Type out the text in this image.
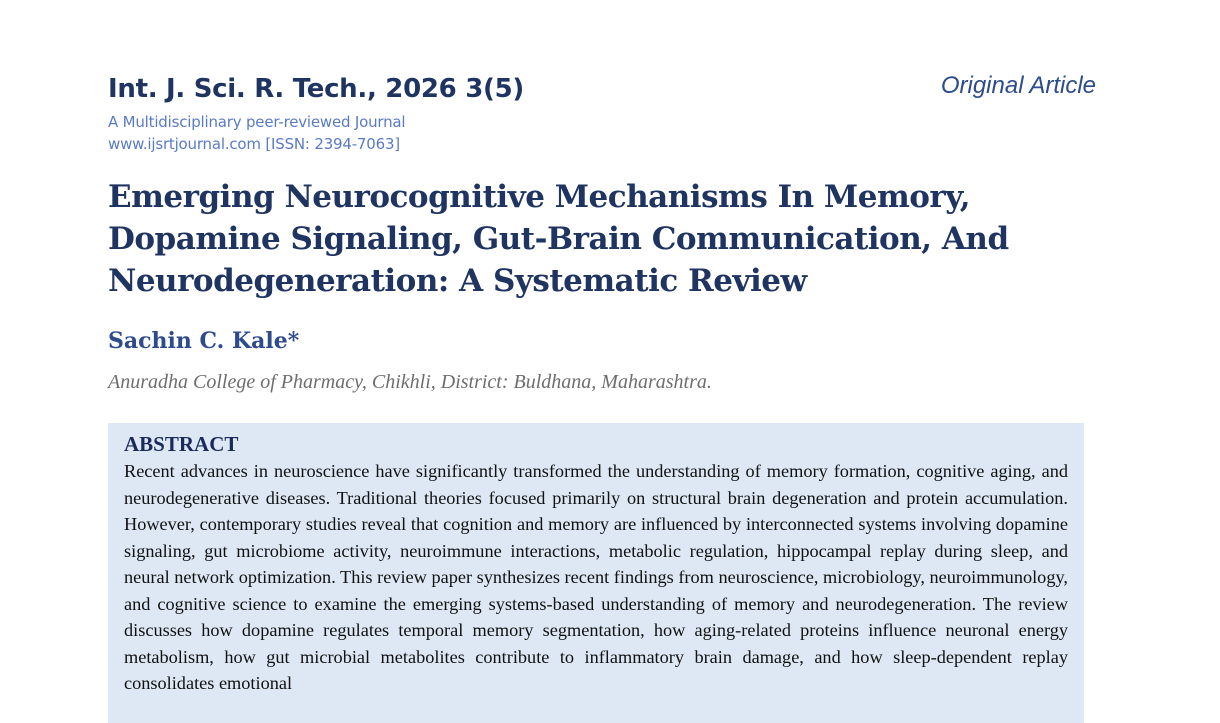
Int. J. Sci. R. Tech., 2026 3(5)	Original Article
A Multidisciplinary peer-reviewed Journal
www.ijsrtjournal.com [ISSN: 2394-7063]
Emerging Neurocognitive Mechanisms In Memory, Dopamine Signaling, Gut-Brain Communication, And Neurodegeneration: A Systematic Review
Sachin C. Kale*
Anuradha College of Pharmacy, Chikhli, District: Buldhana, Maharashtra.
ABSTRACT
Recent advances in neuroscience have significantly transformed the understanding of memory formation, cognitive aging, and neurodegenerative diseases. Traditional theories focused primarily on structural brain degeneration and protein accumulation. However, contemporary studies reveal that cognition and memory are influenced by interconnected systems involving dopamine signaling, gut microbiome activity, neuroimmune interactions, metabolic regulation, hippocampal replay during sleep, and neural network optimization. This review paper synthesizes recent findings from neuroscience, microbiology, neuroimmunology, and cognitive science to examine the emerging systems-based understanding of memory and neurodegeneration. The review discusses how dopamine regulates temporal memory segmentation, how aging-related proteins influence neuronal energy metabolism, how gut microbial metabolites contribute to inflammatory brain damage, and how sleep-dependent replay consolidates emotional
